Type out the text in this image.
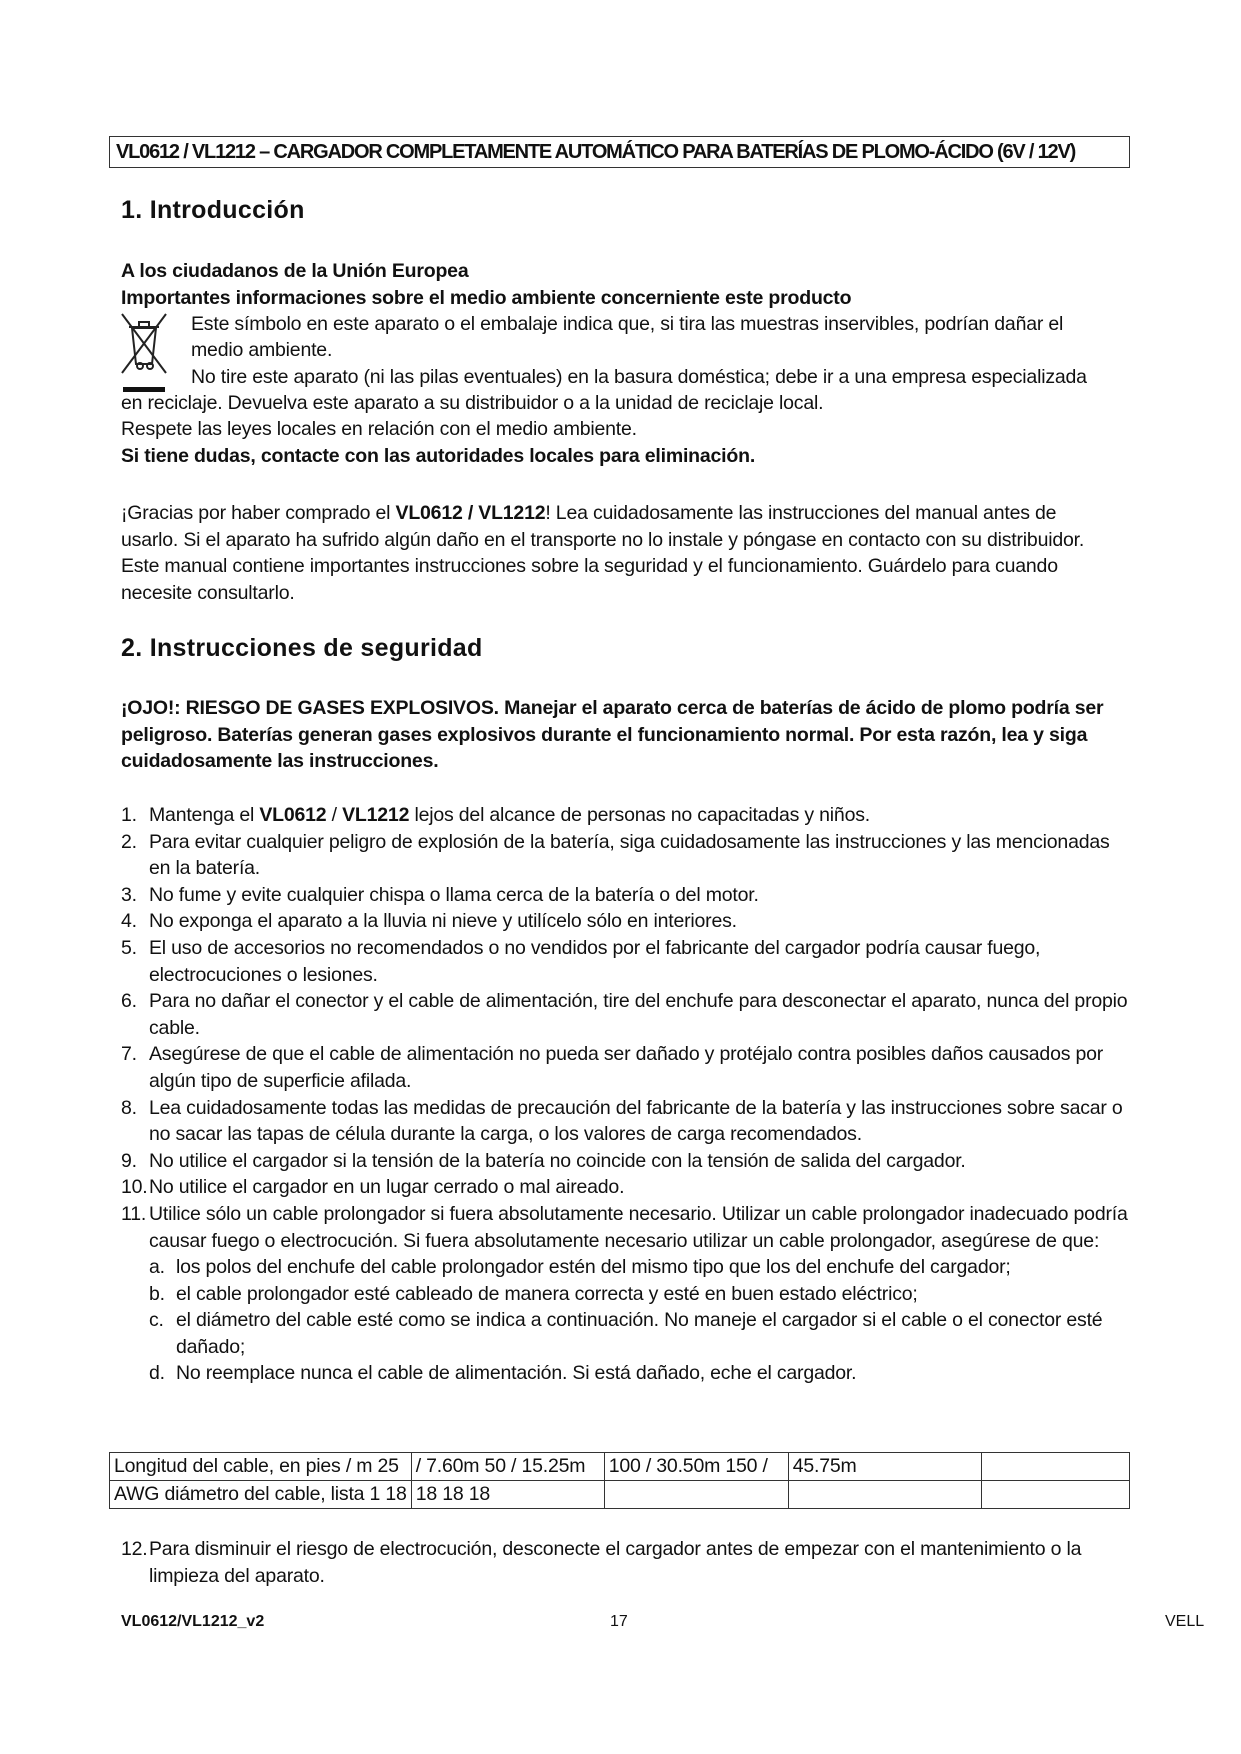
VL0612 / VL1212 – CARGADOR COMPLETAMENTE AUTOMÁTICO PARA BATERÍAS DE PLOMO-ÁCIDO (6V / 12V)
1. Introducción
A los ciudadanos de la Unión Europea
Importantes informaciones sobre el medio ambiente concerniente este producto
Este símbolo en este aparato o el embalaje indica que, si tira las muestras inservibles, podrían dañar el
medio ambiente.
No tire este aparato (ni las pilas eventuales) en la basura doméstica; debe ir a una empresa especializada
en reciclaje. Devuelva este aparato a su distribuidor o a la unidad de reciclaje local.
Respete las leyes locales en relación con el medio ambiente.
Si tiene dudas, contacte con las autoridades locales para eliminación.
¡Gracias por haber comprado el VL0612 / VL1212! Lea cuidadosamente las instrucciones del manual antes de usarlo. Si el aparato ha sufrido algún daño en el transporte no lo instale y póngase en contacto con su distribuidor. Este manual contiene importantes instrucciones sobre la seguridad y el funcionamiento. Guárdelo para cuando necesite consultarlo.
2. Instrucciones de seguridad
¡OJO!: RIESGO DE GASES EXPLOSIVOS. Manejar el aparato cerca de baterías de ácido de plomo podría ser peligroso. Baterías generan gases explosivos durante el funcionamiento normal. Por esta razón, lea y siga cuidadosamente las instrucciones.
1. Mantenga el VL0612 / VL1212 lejos del alcance de personas no capacitadas y niños.
2. Para evitar cualquier peligro de explosión de la batería, siga cuidadosamente las instrucciones y las mencionadas en la batería.
3. No fume y evite cualquier chispa o llama cerca de la batería o del motor.
4. No exponga el aparato a la lluvia ni nieve y utilícelo sólo en interiores.
5. El uso de accesorios no recomendados o no vendidos por el fabricante del cargador podría causar fuego, electrocuciones o lesiones.
6. Para no dañar el conector y el cable de alimentación, tire del enchufe para desconectar el aparato, nunca del propio cable.
7. Asegúrese de que el cable de alimentación no pueda ser dañado y protéjalo contra posibles daños causados por algún tipo de superficie afilada.
8. Lea cuidadosamente todas las medidas de precaución del fabricante de la batería y las instrucciones sobre sacar o no sacar las tapas de célula durante la carga, o los valores de carga recomendados.
9. No utilice el cargador si la tensión de la batería no coincide con la tensión de salida del cargador.
10. No utilice el cargador en un lugar cerrado o mal aireado.
11. Utilice sólo un cable prolongador si fuera absolutamente necesario. Utilizar un cable prolongador inadecuado podría causar fuego o electrocución. Si fuera absolutamente necesario utilizar un cable prolongador, asegúrese de que:
a. los polos del enchufe del cable prolongador estén del mismo tipo que los del enchufe del cargador;
b. el cable prolongador esté cableado de manera correcta y esté en buen estado eléctrico;
c. el diámetro del cable esté como se indica a continuación. No maneje el cargador si el cable o el conector esté dañado;
d. No reemplace nunca el cable de alimentación. Si está dañado, eche el cargador.
Longitud del cable, en pies / m 25	/ 7.60m 50 / 15.25m	100 / 30.50m 150 /	45.75m	
AWG diámetro del cable, lista 1 18	18 18 18			
12. Para disminuir el riesgo de electrocución, desconecte el cargador antes de empezar con el mantenimiento o la limpieza del aparato.
VL0612/VL1212_v2	17	VELL
